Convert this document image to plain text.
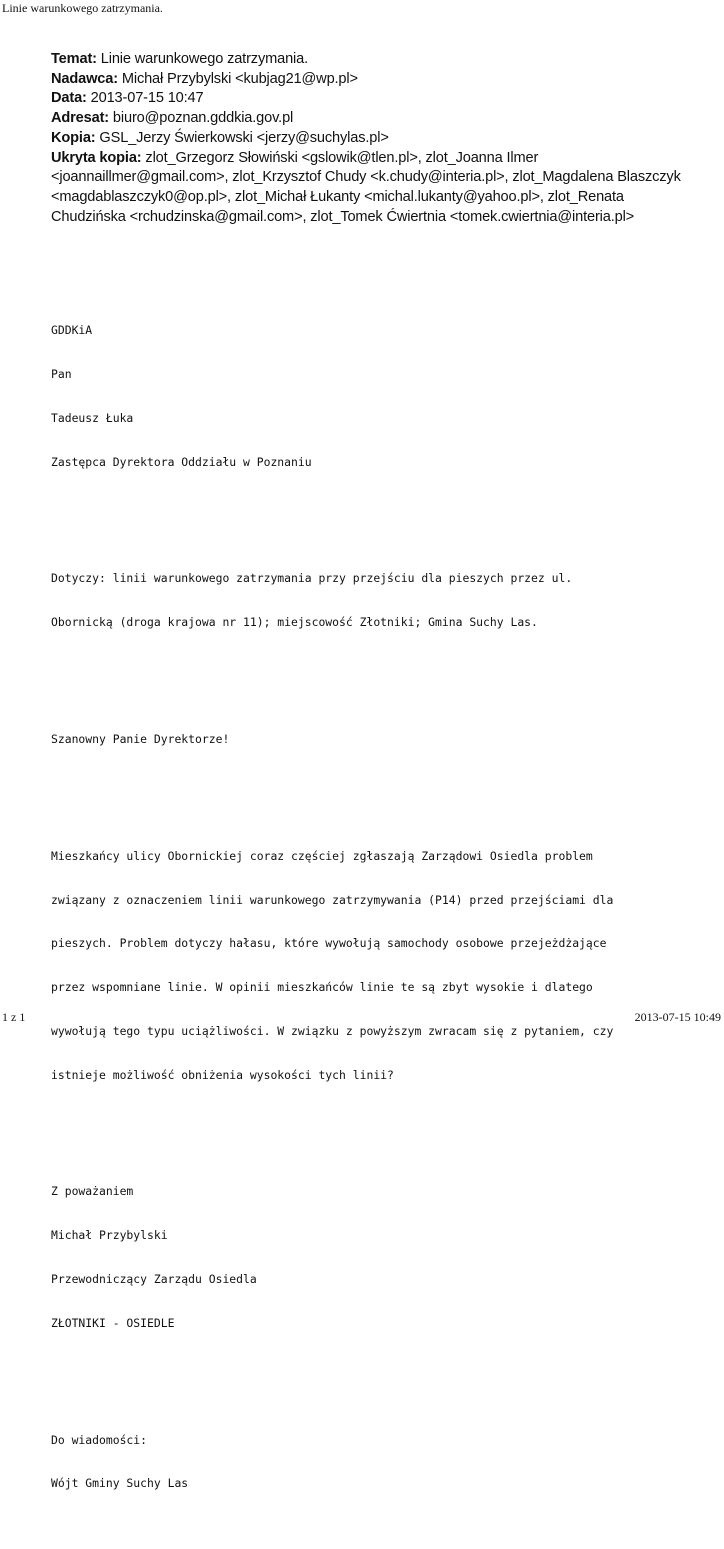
Linie warunkowego zatrzymania.

Temat: Linie warunkowego zatrzymania.

Nadawca: Michał Przybylski <kubjag21@wp.pl>

Data: 2013-07-15 10:47

Adresat: biuro@poznan.gddkia.gov.pl

Kopia: GSL_Jerzy Świerkowski <jerzy@suchylas.pl>

Ukryta kopia: zlot_Grzegorz Słowiński <gslowik@tlen.pl>, zlot_Joanna Ilmer <joannaillmer@gmail.com>, zlot_Krzysztof Chudy <k.chudy@interia.pl>, zlot_Magdalena Blaszczyk <magdablaszczyk0@op.pl>, zlot_Michał Łukanty <michal.lukanty@yahoo.pl>, zlot_Renata Chudzińska <rchudzinska@gmail.com>, zlot_Tomek Ćwiertnia <tomek.cwiertnia@interia.pl>

GDDKiA

Pan

Tadeusz Łuka

Zastępca Dyrektora Oddziału w Poznaniu

Dotyczy: linii warunkowego zatrzymania przy przejściu dla pieszych przez ul.

Obornicką (droga krajowa nr 11); miejscowość Złotniki; Gmina Suchy Las.

Szanowny Panie Dyrektorze!

Mieszkańcy ulicy Obornickiej coraz częściej zgłaszają Zarządowi Osiedla problem

związany z oznaczeniem linii warunkowego zatrzymywania (P14) przed przejściami dla

pieszych. Problem dotyczy hałasu, które wywołują samochody osobowe przejeżdżające

przez wspomniane linie. W opinii mieszkańców linie te są zbyt wysokie i dlatego

wywołują tego typu uciążliwości. W związku z powyższym zwracam się z pytaniem, czy

istnieje możliwość obniżenia wysokości tych linii?

Z poważaniem

Michał Przybylski

Przewodniczący Zarządu Osiedla

ZŁOTNIKI - OSIEDLE

Do wiadomości:

Wójt Gminy Suchy Las

1 z 1	2013-07-15 10:49
